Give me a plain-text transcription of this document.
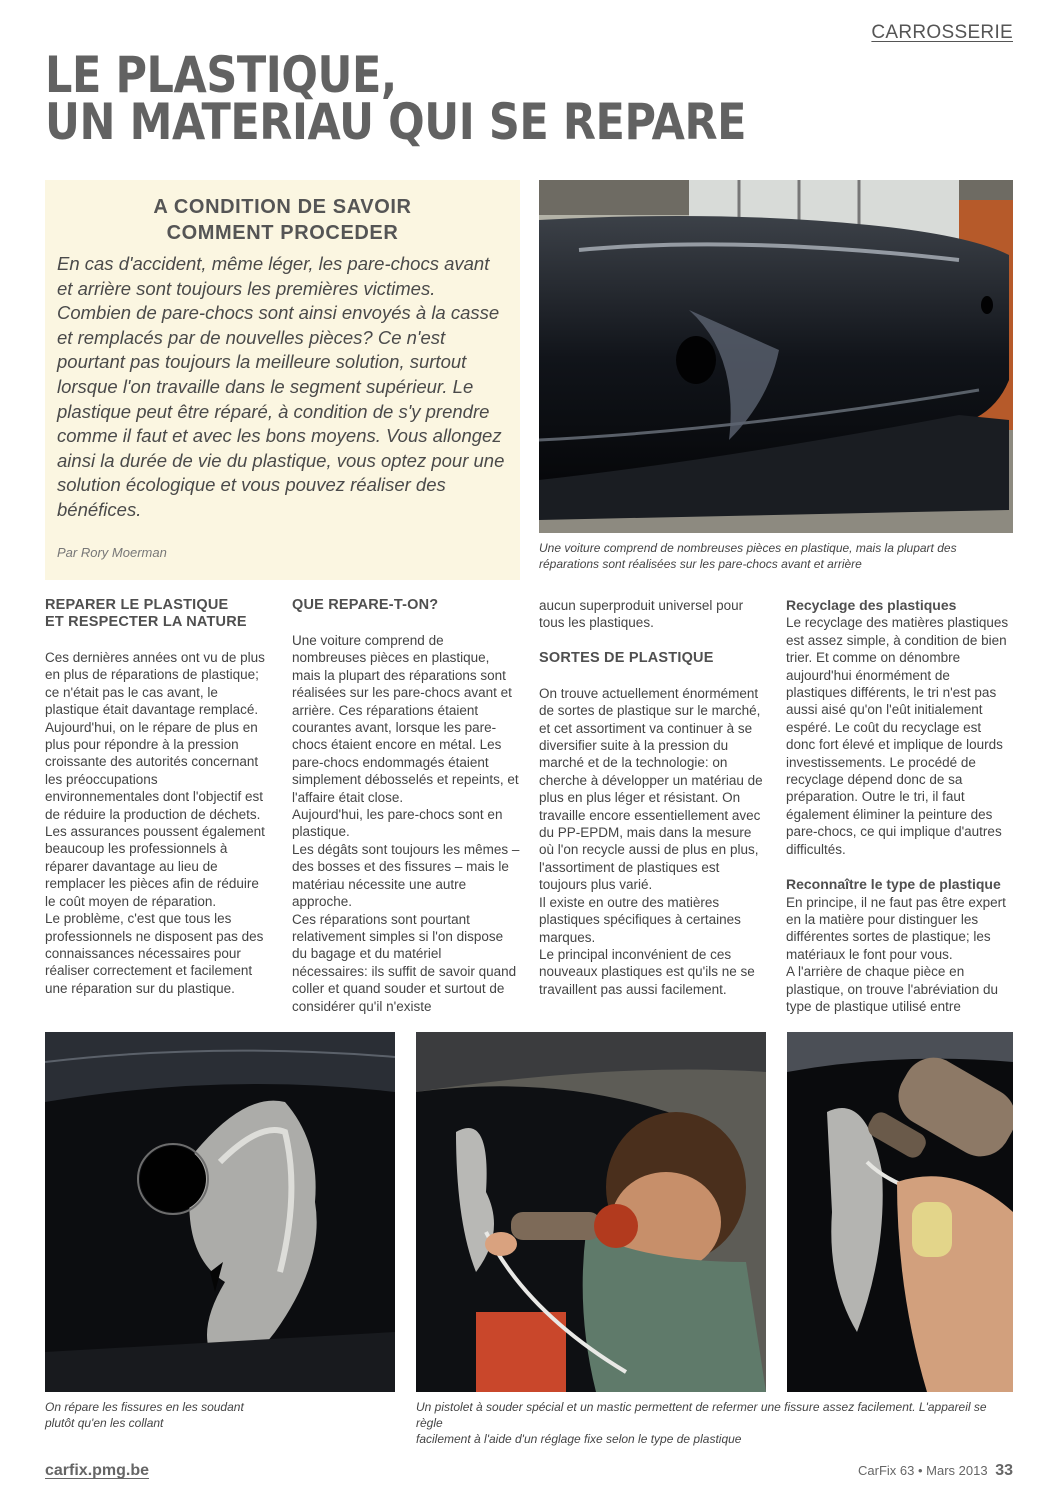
CARROSSERIE
LE PLASTIQUE,
UN MATERIAU QUI SE REPARE
A CONDITION DE SAVOIR
COMMENT PROCEDER

En cas d'accident, même léger, les pare-chocs avant et arrière sont toujours les premières victimes. Combien de pare-chocs sont ainsi envoyés à la casse et remplacés par de nouvelles pièces? Ce n'est pourtant pas toujours la meilleure solution, surtout lorsque l'on travaille dans le segment supérieur. Le plastique peut être réparé, à condition de s'y prendre comme il faut et avec les bons moyens. Vous allongez ainsi la durée de vie du plastique, vous optez pour une solution écologique et vous pouvez réaliser des bénéfices.

Par Rory Moerman	Une voiture comprend de nombreuses pièces en plastique, mais la plupart des
réparations sont réalisées sur les pare-chocs avant et arrière
REPARER LE PLASTIQUE
ET RESPECTER LA NATURE

Ces dernières années ont vu de plus en plus de réparations de plastique; ce n'était pas le cas avant, le plastique était davantage remplacé. Aujourd'hui, on le répare de plus en plus pour répondre à la pression croissante des autorités concernant les préoccupations environnementales dont l'objectif est de réduire la production de déchets.

Les assurances poussent également beaucoup les professionnels à réparer davantage au lieu de remplacer les pièces afin de réduire le coût moyen de réparation.

Le problème, c'est que tous les professionnels ne disposent pas des connaissances nécessaires pour réaliser correctement et facilement une réparation sur du plastique.

QUE REPARE-T-ON?

Une voiture comprend de nombreuses pièces en plastique, mais la plupart des réparations sont réalisées sur les pare-chocs avant et arrière. Ces réparations étaient courantes avant, lorsque les pare-chocs étaient encore en métal. Les pare-chocs endommagés étaient simplement débosselés et repeints, et l'affaire était close.

Aujourd'hui, les pare-chocs sont en plastique.

Les dégâts sont toujours les mêmes – des bosses et des fissures – mais le matériau nécessite une autre approche.

Ces réparations sont pourtant relativement simples si l'on dispose du bagage et du matériel nécessaires: ils suffit de savoir quand coller et quand souder et surtout de considérer qu'il n'existe

aucun superproduit universel pour tous les plastiques.

SORTES DE PLASTIQUE

On trouve actuellement énormément de sortes de plastique sur le marché, et cet assortiment va continuer à se diversifier suite à la pression du marché et de la technologie: on cherche à développer un matériau de plus en plus léger et résistant. On travaille encore essentiellement avec du PP-EPDM, mais dans la mesure où l'on recycle aussi de plus en plus, l'assortiment de plastiques est toujours plus varié.

Il existe en outre des matières plastiques spécifiques à certaines marques.

Le principal inconvénient de ces nouveaux plastiques est qu'ils ne se travaillent pas aussi facilement.

Recyclage des plastiques

Le recyclage des matières plastiques est assez simple, à condition de bien trier. Et comme on dénombre aujourd'hui énormément de plastiques différents, le tri n'est pas aussi aisé qu'on l'eût initialement espéré. Le coût du recyclage est donc fort élevé et implique de lourds investissements. Le procédé de recyclage dépend donc de sa préparation. Outre le tri, il faut également éliminer la peinture des pare-chocs, ce qui implique d'autres difficultés.

Reconnaître le type de plastique

En principe, il ne faut pas être expert en la matière pour distinguer les différentes sortes de plastique; les matériaux le font pour vous.

A l'arrière de chaque pièce en plastique, on trouve l'abréviation du type de plastique utilisé entre

On répare les fissures en les soudant
plutôt qu'en les collant
Un pistolet à souder spécial et un mastic permettent de refermer une fissure assez facilement. L'appareil se règle
facilement à l'aide d'un réglage fixe selon le type de plastique
carfix.pmg.be	CarFix 63 • Mars 2013 33
